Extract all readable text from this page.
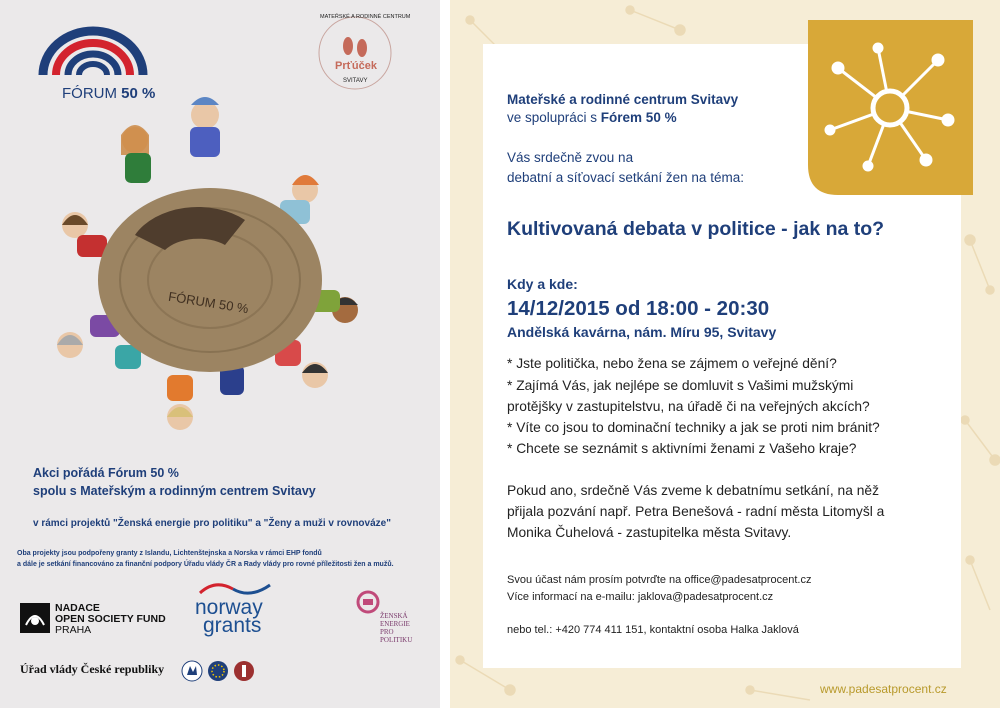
FÓRUM 50 %
MATEŘSKÉ A RODINNÉ CENTRUM
Prťúček
SVITAVY
FÓRUM 50 %
Akci pořádá Fórum 50 %
spolu s Mateřským a rodinným centrem Svitavy
v rámci projektů "Ženská energie pro politiku" a "Ženy a muži v rovnováze"
Oba projekty jsou podpořeny granty z Islandu, Lichtenštejnska a Norska v rámci EHP fondů
a dále je setkání financováno za finanční podpory Úřadu vlády ČR a Rady vlády pro rovné příležitosti žen a mužů.
NADACE
OPEN SOCIETY FUND
PRAHA
norway
grants	ŽENSKÁ
ENERGIE
PRO
POLITIKU
Úřad vlády České republiky
Mateřské a rodinné centrum Svitavy
ve spolupráci s Fórem 50 %
Vás srdečně zvou na
debatní a síťovací setkání žen na téma:
Kultivovaná debata v politice - jak na to?
Kdy a kde:
14/12/2015 od 18:00 - 20:30
Andělská kavárna, nám. Míru 95, Svitavy
* Jste politička, nebo žena se zájmem o veřejné dění?
* Zajímá Vás, jak nejlépe se domluvit s Vašimi mužskými
protějšky v zastupitelstvu, na úřadě či na veřejných akcích?
* Víte co jsou to dominační techniky a jak se proti nim bránit?
* Chcete se seznámit s aktivními ženami z Vašeho kraje?
Pokud ano, srdečně Vás zveme k debatnímu setkání, na něž
přijala pozvání např. Petra Benešová - radní města Litomyšl a
Monika Čuhelová - zastupitelka města Svitavy.
Svou účast nám prosím potvrďte na office@padesatprocent.cz
Více informací na e-mailu: jaklova@padesatprocent.cz
nebo tel.: +420 774 411 151, kontaktní osoba Halka Jaklová
www.padesatprocent.cz
